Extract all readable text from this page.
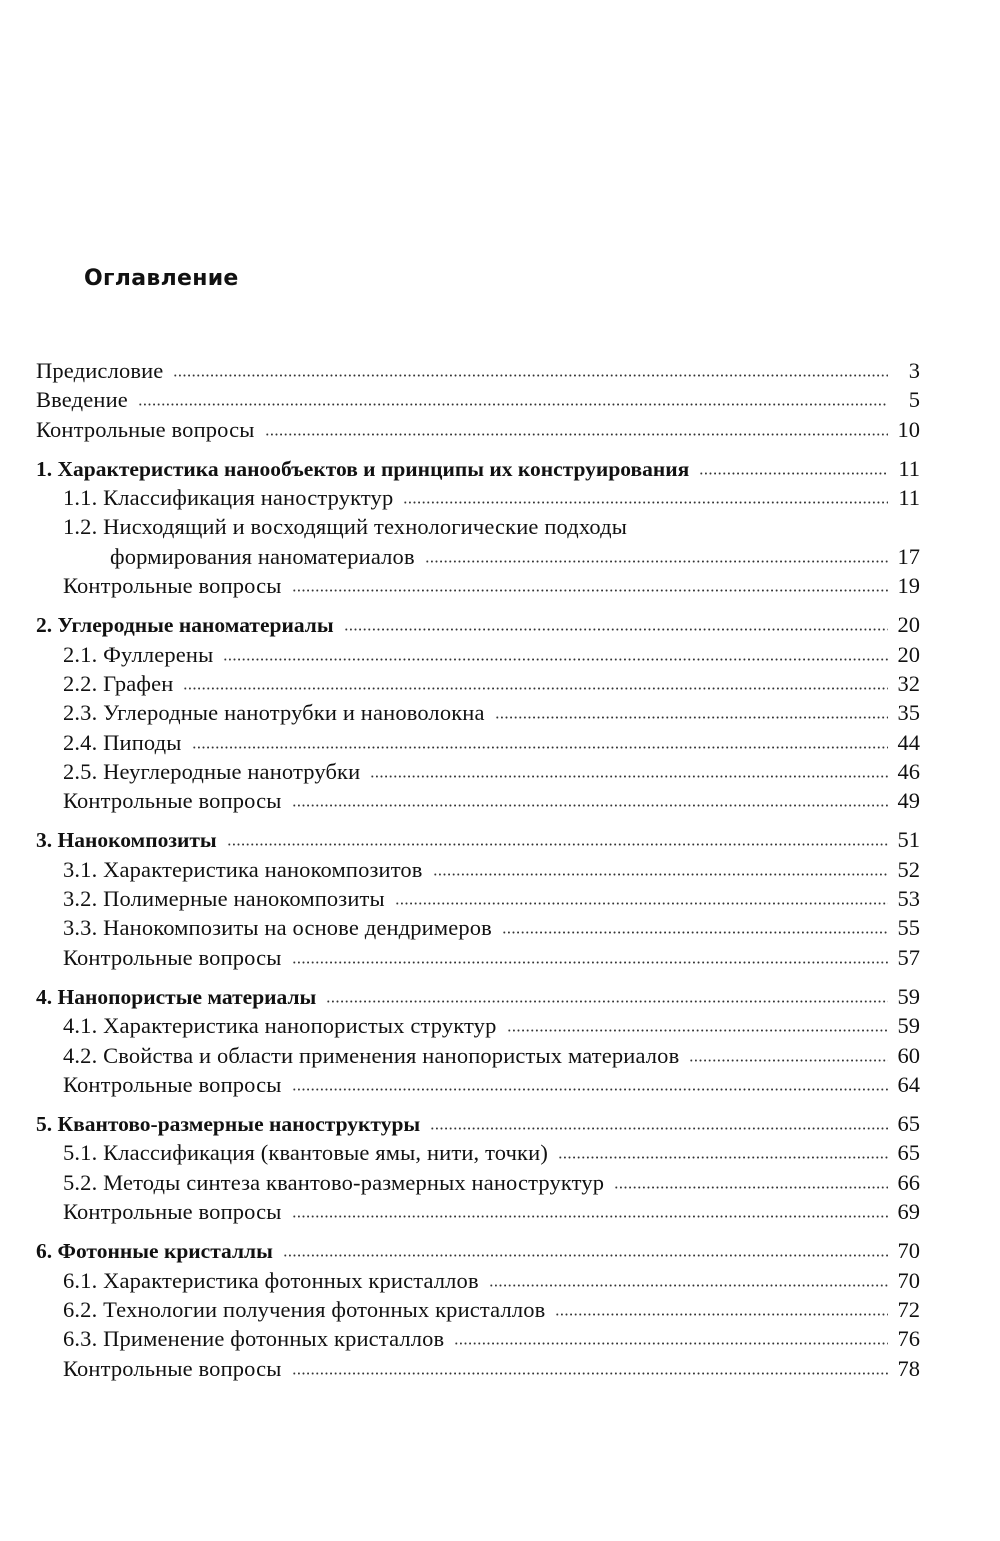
Оглавление
Предисловие	3
Введение	5
Контрольные вопросы	10
1. Характеристика нанообъектов и принципы их конструирования	11
1.1. Классификация наноструктур	11
1.2. Нисходящий и восходящий технологические подходы
формирования наноматериалов	17
Контрольные вопросы	19
2. Углеродные наноматериалы	20
2.1. Фуллерены	20
2.2. Графен	32
2.3. Углеродные нанотрубки и нановолокна	35
2.4. Пиподы	44
2.5. Неуглеродные нанотрубки	46
Контрольные вопросы	49
3. Нанокомпозиты	51
3.1. Характеристика нанокомпозитов	52
3.2. Полимерные нанокомпозиты	53
3.3. Нанокомпозиты на основе дендримеров	55
Контрольные вопросы	57
4. Нанопористые материалы	59
4.1. Характеристика нанопористых структур	59
4.2. Свойства и области применения нанопористых материалов	60
Контрольные вопросы	64
5. Квантово-размерные наноструктуры	65
5.1. Классификация (квантовые ямы, нити, точки)	65
5.2. Методы синтеза квантово-размерных наноструктур	66
Контрольные вопросы	69
6. Фотонные кристаллы	70
6.1. Характеристика фотонных кристаллов	70
6.2. Технологии получения фотонных кристаллов	72
6.3. Применение фотонных кристаллов	76
Контрольные вопросы	78
